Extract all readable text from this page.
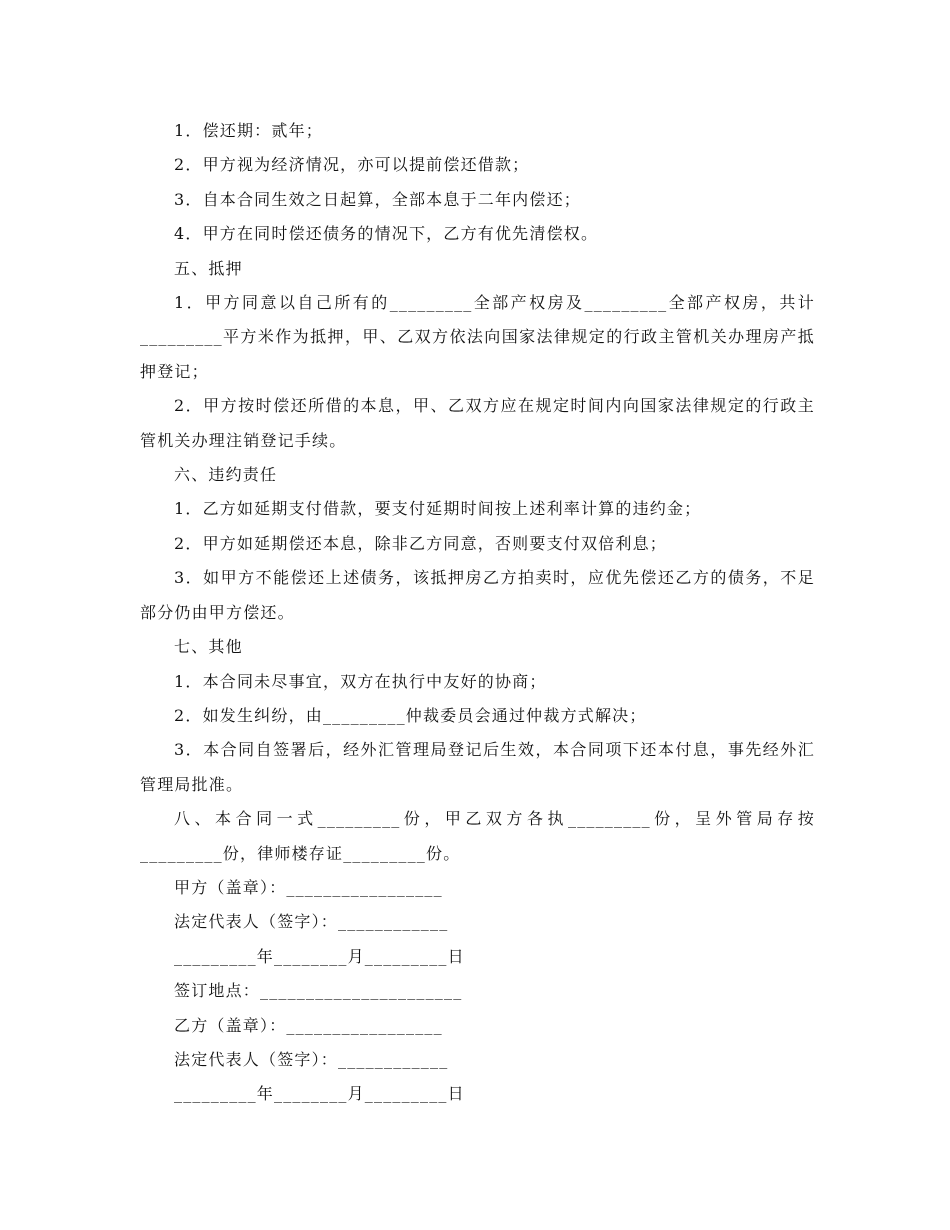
1．偿还期：贰年；

2．甲方视为经济情况，亦可以提前偿还借款；

3．自本合同生效之日起算，全部本息于二年内偿还；

4．甲方在同时偿还债务的情况下，乙方有优先清偿权。

五、抵押

1．甲方同意以自己所有的_________全部产权房及_________全部产权房，共计_________平方米作为抵押，甲、乙双方依法向国家法律规定的行政主管机关办理房产抵押登记；

2．甲方按时偿还所借的本息，甲、乙双方应在规定时间内向国家法律规定的行政主管机关办理注销登记手续。

六、违约责任

1．乙方如延期支付借款，要支付延期时间按上述利率计算的违约金；

2．甲方如延期偿还本息，除非乙方同意，否则要支付双倍利息；

3．如甲方不能偿还上述债务，该抵押房乙方拍卖时，应优先偿还乙方的债务，不足部分仍由甲方偿还。

七、其他

1．本合同未尽事宜，双方在执行中友好的协商；

2．如发生纠纷，由_________仲裁委员会通过仲裁方式解决；

3．本合同自签署后，经外汇管理局登记后生效，本合同项下还本付息，事先经外汇管理局批准。

八、本合同一式_________份，甲乙双方各执_________份，呈外管局存按_________份，律师楼存证_________份。

甲方（盖章）：_________________

法定代表人（签字）：____________

_________年________月_________日

签订地点：______________________

乙方（盖章）：_________________

法定代表人（签字）：____________

_________年________月_________日
